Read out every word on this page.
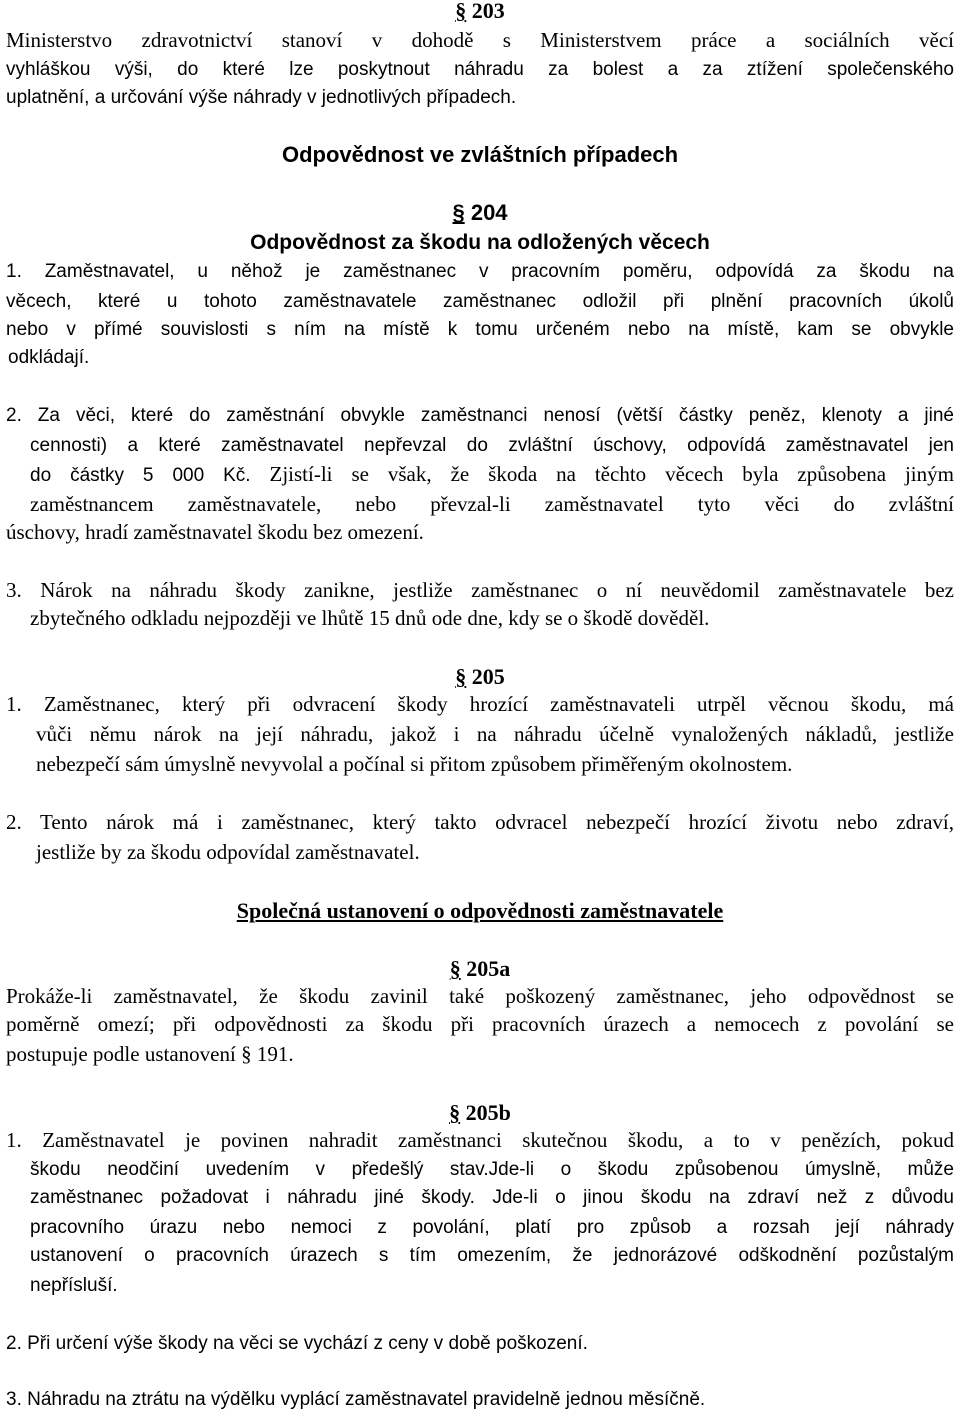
§ 203

Ministerstvo zdravotnictví stanoví v dohodě s Ministerstvem práce a sociálních věcí

vyhláškou výši, do které lze poskytnout náhradu za bolest a za ztížení společenského

uplatnění, a určování výše náhrady v jednotlivých případech.

Odpovědnost ve zvláštních případech
§ 204
Odpovědnost za škodu na odložených věcech

1. Zaměstnavatel, u něhož je zaměstnanec v pracovním poměru, odpovídá za škodu na

věcech, které u tohoto zaměstnavatele zaměstnanec odložil při plnění pracovních úkolů

nebo v přímé souvislosti s ním na místě k tomu určeném nebo na místě, kam se obvykle

odkládají.

2. Za věci, které do zaměstnání obvykle zaměstnanci nenosí (větší částky peněz, klenoty a jiné

cennosti) a které zaměstnavatel nepřevzal do zvláštní úschovy, odpovídá zaměstnavatel jen

do částky 5 000 Kč. Zjistí-li se však, že škoda na těchto věcech byla způsobena jiným

zaměstnancem zaměstnavatele, nebo převzal-li zaměstnavatel tyto věci do zvláštní

úschovy, hradí zaměstnavatel škodu bez omezení.

3. Nárok na náhradu škody zanikne, jestliže zaměstnanec o ní neuvědomil zaměstnavatele bez

zbytečného odkladu nejpozději ve lhůtě 15 dnů ode dne, kdy se o škodě dověděl.

§ 205

1. Zaměstnanec, který při odvracení škody hrozící zaměstnavateli utrpěl věcnou škodu, má

vůči němu nárok na její náhradu, jakož i na náhradu účelně vynaložených nákladů, jestliže

nebezpečí sám úmyslně nevyvolal a počínal si přitom způsobem přiměřeným okolnostem.

2. Tento nárok má i zaměstnanec, který takto odvracel nebezpečí hrozící životu nebo zdraví,

jestliže by za škodu odpovídal zaměstnavatel.

Společná ustanovení o odpovědnosti zaměstnavatele
§ 205a

Prokáže-li zaměstnavatel, že škodu zavinil také poškozený zaměstnanec, jeho odpovědnost se

poměrně omezí; při odpovědnosti za škodu při pracovních úrazech a nemocech z povolání se

postupuje podle ustanovení § 191.

§ 205b

1. Zaměstnavatel je povinen nahradit zaměstnanci skutečnou škodu, a to v penězích, pokud

škodu neodčiní uvedením v předešlý stav.Jde-li o škodu způsobenou úmyslně, může

zaměstnanec požadovat i náhradu jiné škody. Jde-li o jinou škodu na zdraví než z důvodu

pracovního úrazu nebo nemoci z povolání, platí pro způsob a rozsah její náhrady

ustanovení o pracovních úrazech s tím omezením, že jednorázové odškodnění pozůstalým

nepřísluší.

2. Při určení výše škody na věci se vychází z ceny v době poškození.

3. Náhradu na ztrátu na výdělku vyplácí zaměstnavatel pravidelně jednou měsíčně.
